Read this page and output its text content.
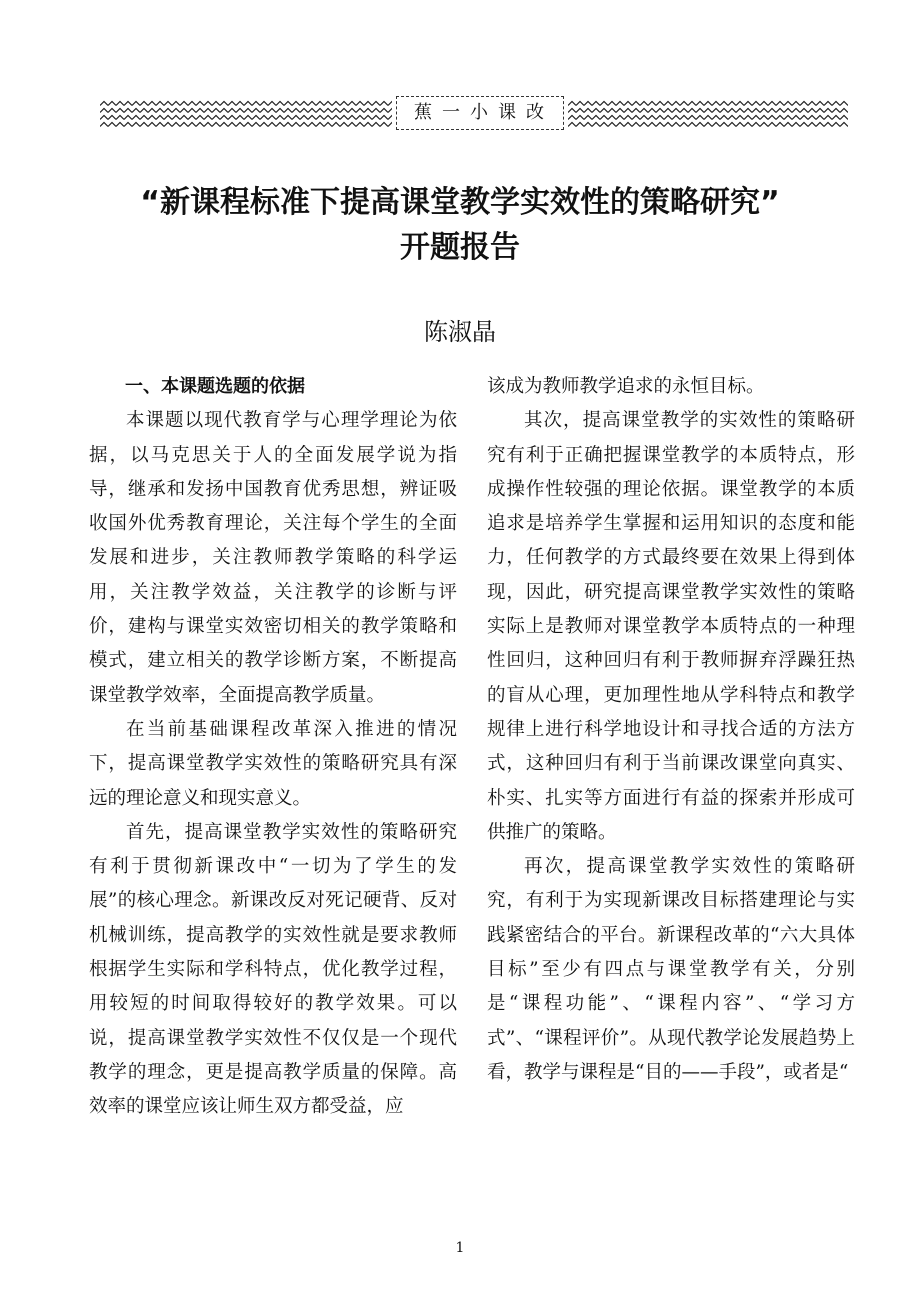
蕉一小课改
“新课程标准下提高课堂教学实效性的策略研究”
开题报告
陈淑晶
一、本课题选题的依据

本课题以现代教育学与心理学理论为依据，以马克思关于人的全面发展学说为指导，继承和发扬中国教育优秀思想，辨证吸收国外优秀教育理论，关注每个学生的全面发展和进步，关注教师教学策略的科学运用，关注教学效益，关注教学的诊断与评价，建构与课堂实效密切相关的教学策略和模式，建立相关的教学诊断方案，不断提高课堂教学效率，全面提高教学质量。

在当前基础课程改革深入推进的情况下，提高课堂教学实效性的策略研究具有深远的理论意义和现实意义。

首先，提高课堂教学实效性的策略研究有利于贯彻新课改中“一切为了学生的发展”的核心理念。新课改反对死记硬背、反对机械训练，提高教学的实效性就是要求教师根据学生实际和学科特点，优化教学过程，用较短的时间取得较好的教学效果。可以说，提高课堂教学实效性不仅仅是一个现代教学的理念，更是提高教学质量的保障。高效率的课堂应该让师生双方都受益，应

该成为教师教学追求的永恒目标。

其次，提高课堂教学的实效性的策略研究有利于正确把握课堂教学的本质特点，形成操作性较强的理论依据。课堂教学的本质追求是培养学生掌握和运用知识的态度和能力，任何教学的方式最终要在效果上得到体现，因此，研究提高课堂教学实效性的策略实际上是教师对课堂教学本质特点的一种理性回归，这种回归有利于教师摒弃浮躁狂热的盲从心理，更加理性地从学科特点和教学规律上进行科学地设计和寻找合适的方法方式，这种回归有利于当前课改课堂向真实、朴实、扎实等方面进行有益的探索并形成可供推广的策略。

再次，提高课堂教学实效性的策略研究，有利于为实现新课改目标搭建理论与实践紧密结合的平台。新课程改革的“六大具体目标”至少有四点与课堂教学有关，分别是“课程功能”、“课程内容”、“学习方式”、“课程评价”。从现代教学论发展趋势上看，教学与课程是“目的——手段”，或者是“

1
